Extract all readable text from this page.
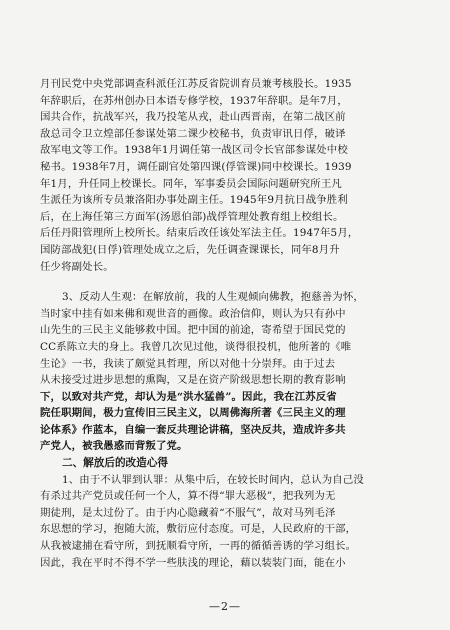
月刊民党中央党部调查科派任江苏反省院训育员兼考核股长。1935

年辞职后，在苏州创办日本语专修学校，1937年辞职。是年7月，

国共合作，抗战军兴，我乃投笔从戎，赴山西晋南，在第二战区前

敌总司令卫立煌部任参谋处第二课少校秘书，负责审讯日俘，破译

敌军电文等工作。1938年1月调任第一战区司令长官部参谋处中校

秘书。1938年7月，调任副官处第四课(俘管课)同中校课长。1939

年1月，升任同上校课长。同年，军事委员会国际问题研究所王凡

生派任为该所专员兼洛阳办事处副主任。1945年9月抗日战争胜利

后，在上海任第三方面军(汤恩伯部)战俘管理处教育组上校组长。

后任丹阳管理所上校所长。结束后改任该处军法主任。1947年5月，

国防部战犯(日俘)管理处成立之后，先任调查课课长，同年8月升

任少将副处长。

3、反动人生观：在解放前，我的人生观倾向佛教，抱慈善为怀，

当时家中挂有如来佛和观世音的画像。政治信仰，则认为只有孙中

山先生的三民主义能够救中国。把中国的前途，寄希望于国民党的

CC系陈立夫的身上。我曾几次见过他，谈得很投机，他所著的《唯

生论》一书，我读了颇觉具哲理，所以对他十分崇拜。由于过去

从未接受过进步思想的熏陶，又是在资产阶级思想长期的教育影响

下，以致对共产党，却认为是“洪水猛兽”。因此，我在江苏反省

院任职期间，极力宣传旧三民主义，以周佛海所著《三民主义的理

论体系》作蓝本，自编一套反共理论讲稿，坚决反共，造成许多共

产党人，被我愚惑而背叛了党。

二、解放后的改造心得

1、由于不认罪到认罪：从集中后，在较长时间内，总认为自己没

有杀过共产党员或任何一个人，算不得“罪大恶极”，把我列为无

期徒刑，是太过份了。由于内心隐藏着“不服气”，故对马列毛泽

东思想的学习，抱随大流，敷衍应付态度。可是，人民政府的干部，

从我被逮捕在看守所，到抚顺看守所，一再的循循善诱的学习组长。

因此，我在平时不得不学一些肤浅的理论，藉以装装门面，能在小

—2—
